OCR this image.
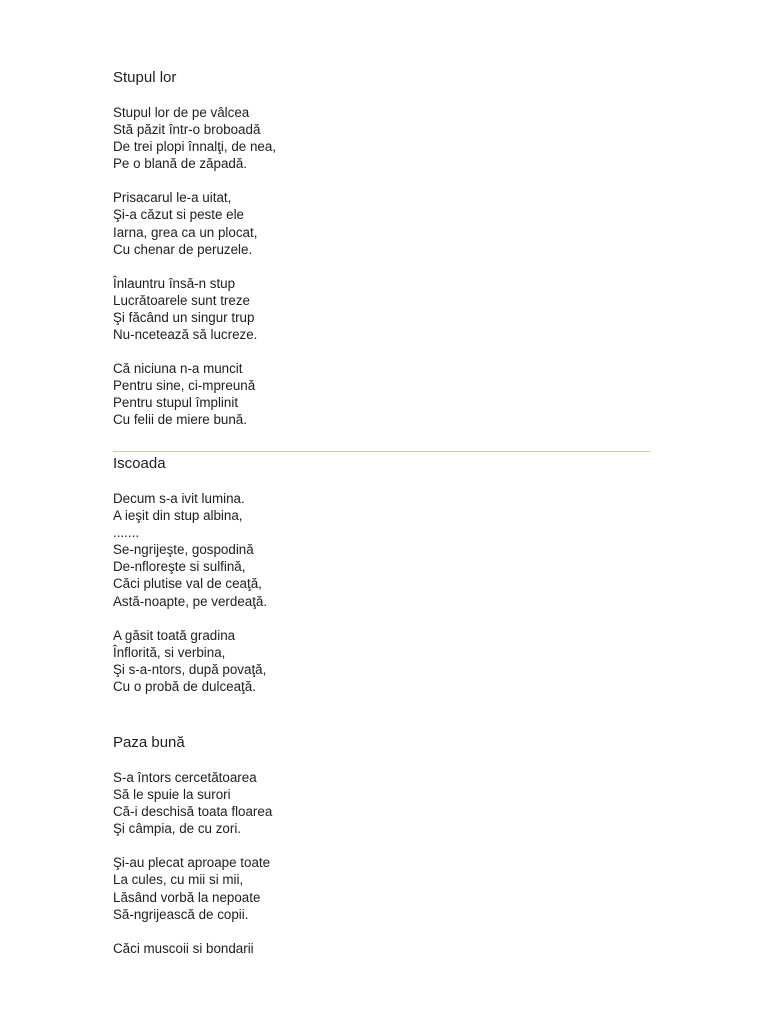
Stupul lor
Stupul lor de pe vâlcea
Stă păzit într-o broboadă
De trei plopi înnalţi, de nea,
Pe o blană de zăpadă.
Prisacarul le-a uitat,
Şi-a căzut si peste ele
Iarna, grea ca un plocat,
Cu chenar de peruzele.
Înlauntru însă-n stup
Lucrătoarele sunt treze
Şi făcând un singur trup
Nu-ncetează să lucreze.
Că niciuna n-a muncit
Pentru sine, ci-mpreună
Pentru stupul împlinit
Cu felii de miere bună.
Iscoada
Decum s-a ivit lumina.
A ieşit din stup albina,
.......
Se-ngrijeşte, gospodină
De-nfloreşte si sulfină,
Căci plutise val de ceaţă,
Astă-noapte, pe verdeaţă.
A găsit toată gradina
Înflorită, si verbina,
Şi s-a-ntors, după povaţă,
Cu o probă de dulceaţă.
Paza bună
S-a întors cercetătoarea
Să le spuie la surori
Că-i deschisă toata floarea
Şi câmpia, de cu zori.
Şi-au plecat aproape toate
La cules, cu mii si mii,
Lăsând vorbă la nepoate
Să-ngrijească de copii.
Căci muscoii si bondarii
